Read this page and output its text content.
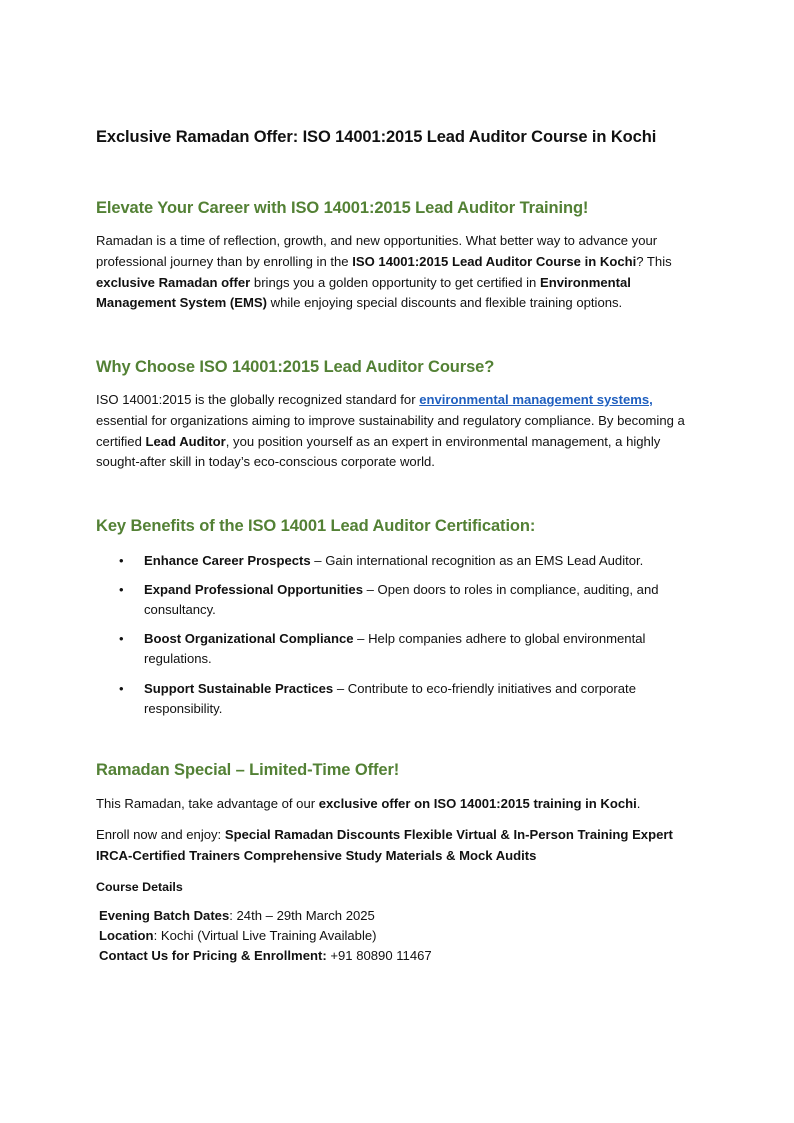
Exclusive Ramadan Offer: ISO 14001:2015 Lead Auditor Course in Kochi
Elevate Your Career with ISO 14001:2015 Lead Auditor Training!

Ramadan is a time of reflection, growth, and new opportunities. What better way to advance your professional journey than by enrolling in the ISO 14001:2015 Lead Auditor Course in Kochi? This exclusive Ramadan offer brings you a golden opportunity to get certified in Environmental Management System (EMS) while enjoying special discounts and flexible training options.

Why Choose ISO 14001:2015 Lead Auditor Course?

ISO 14001:2015 is the globally recognized standard for environmental management systems, essential for organizations aiming to improve sustainability and regulatory compliance. By becoming a certified Lead Auditor, you position yourself as an expert in environmental management, a highly sought-after skill in today’s eco-conscious corporate world.

Key Benefits of the ISO 14001 Lead Auditor Certification:
• Enhance Career Prospects – Gain international recognition as an EMS Lead Auditor.
• Expand Professional Opportunities – Open doors to roles in compliance, auditing, and consultancy.
• Boost Organizational Compliance – Help companies adhere to global environmental regulations.
• Support Sustainable Practices – Contribute to eco-friendly initiatives and corporate responsibility.
Ramadan Special – Limited-Time Offer!

This Ramadan, take advantage of our exclusive offer on ISO 14001:2015 training in Kochi.

Enroll now and enjoy: Special Ramadan Discounts Flexible Virtual & In-Person Training Expert IRCA-Certified Trainers Comprehensive Study Materials & Mock Audits

Course Details

Evening Batch Dates: 24th – 29th March 2025
Location: Kochi (Virtual Live Training Available)
Contact Us for Pricing & Enrollment: +91 80890 11467
